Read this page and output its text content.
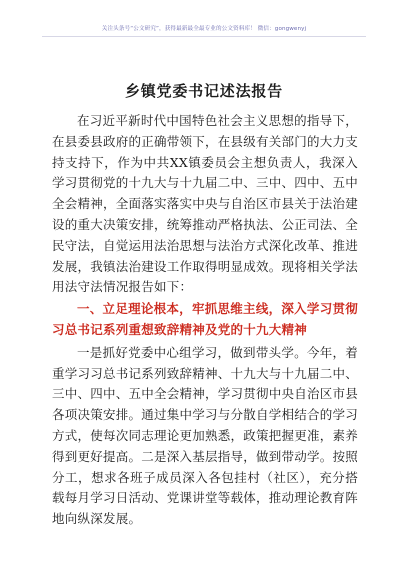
关注头条号“公文研究”，获得最新最全最专业的公文资料库！ 微信：gongwenyj
乡镇党委书记述法报告

在习近平新时代中国特色社会主义思想的指导下，在县委县政府的正确带领下，在县级有关部门的大力支持支持下，作为中共XX镇委员会主想负责人，我深入学习贯彻党的十九大与十九届二中、三中、四中、五中全会精神，全面落实落实中央与自治区市县关于法治建设的重大决策安排，统筹推动严格执法、公正司法、全民守法，自觉运用法治思想与法治方式深化改革、推进发展，我镇法治建设工作取得明显成效。现将相关学法用法守法情况报告如下：

一、立足理论根本，牢抓思维主线，深入学习贯彻习总书记系列重想致辞精神及党的十九大精神

一是抓好党委中心组学习，做到带头学。今年，着重学习习总书记系列致辞精神、十九大与十九届二中、三中、四中、五中全会精神，学习贯彻中央自治区市县各项决策安排。通过集中学习与分散自学相结合的学习方式，使每次同志理论更加熟悉，政策把握更准，素养得到更好提高。二是深入基层指导，做到带动学。按照分工，想求各班子成员深入各包挂村（社区），充分搭载每月学习日活动、党课讲堂等载体，推动理论教育阵地向纵深发展。
